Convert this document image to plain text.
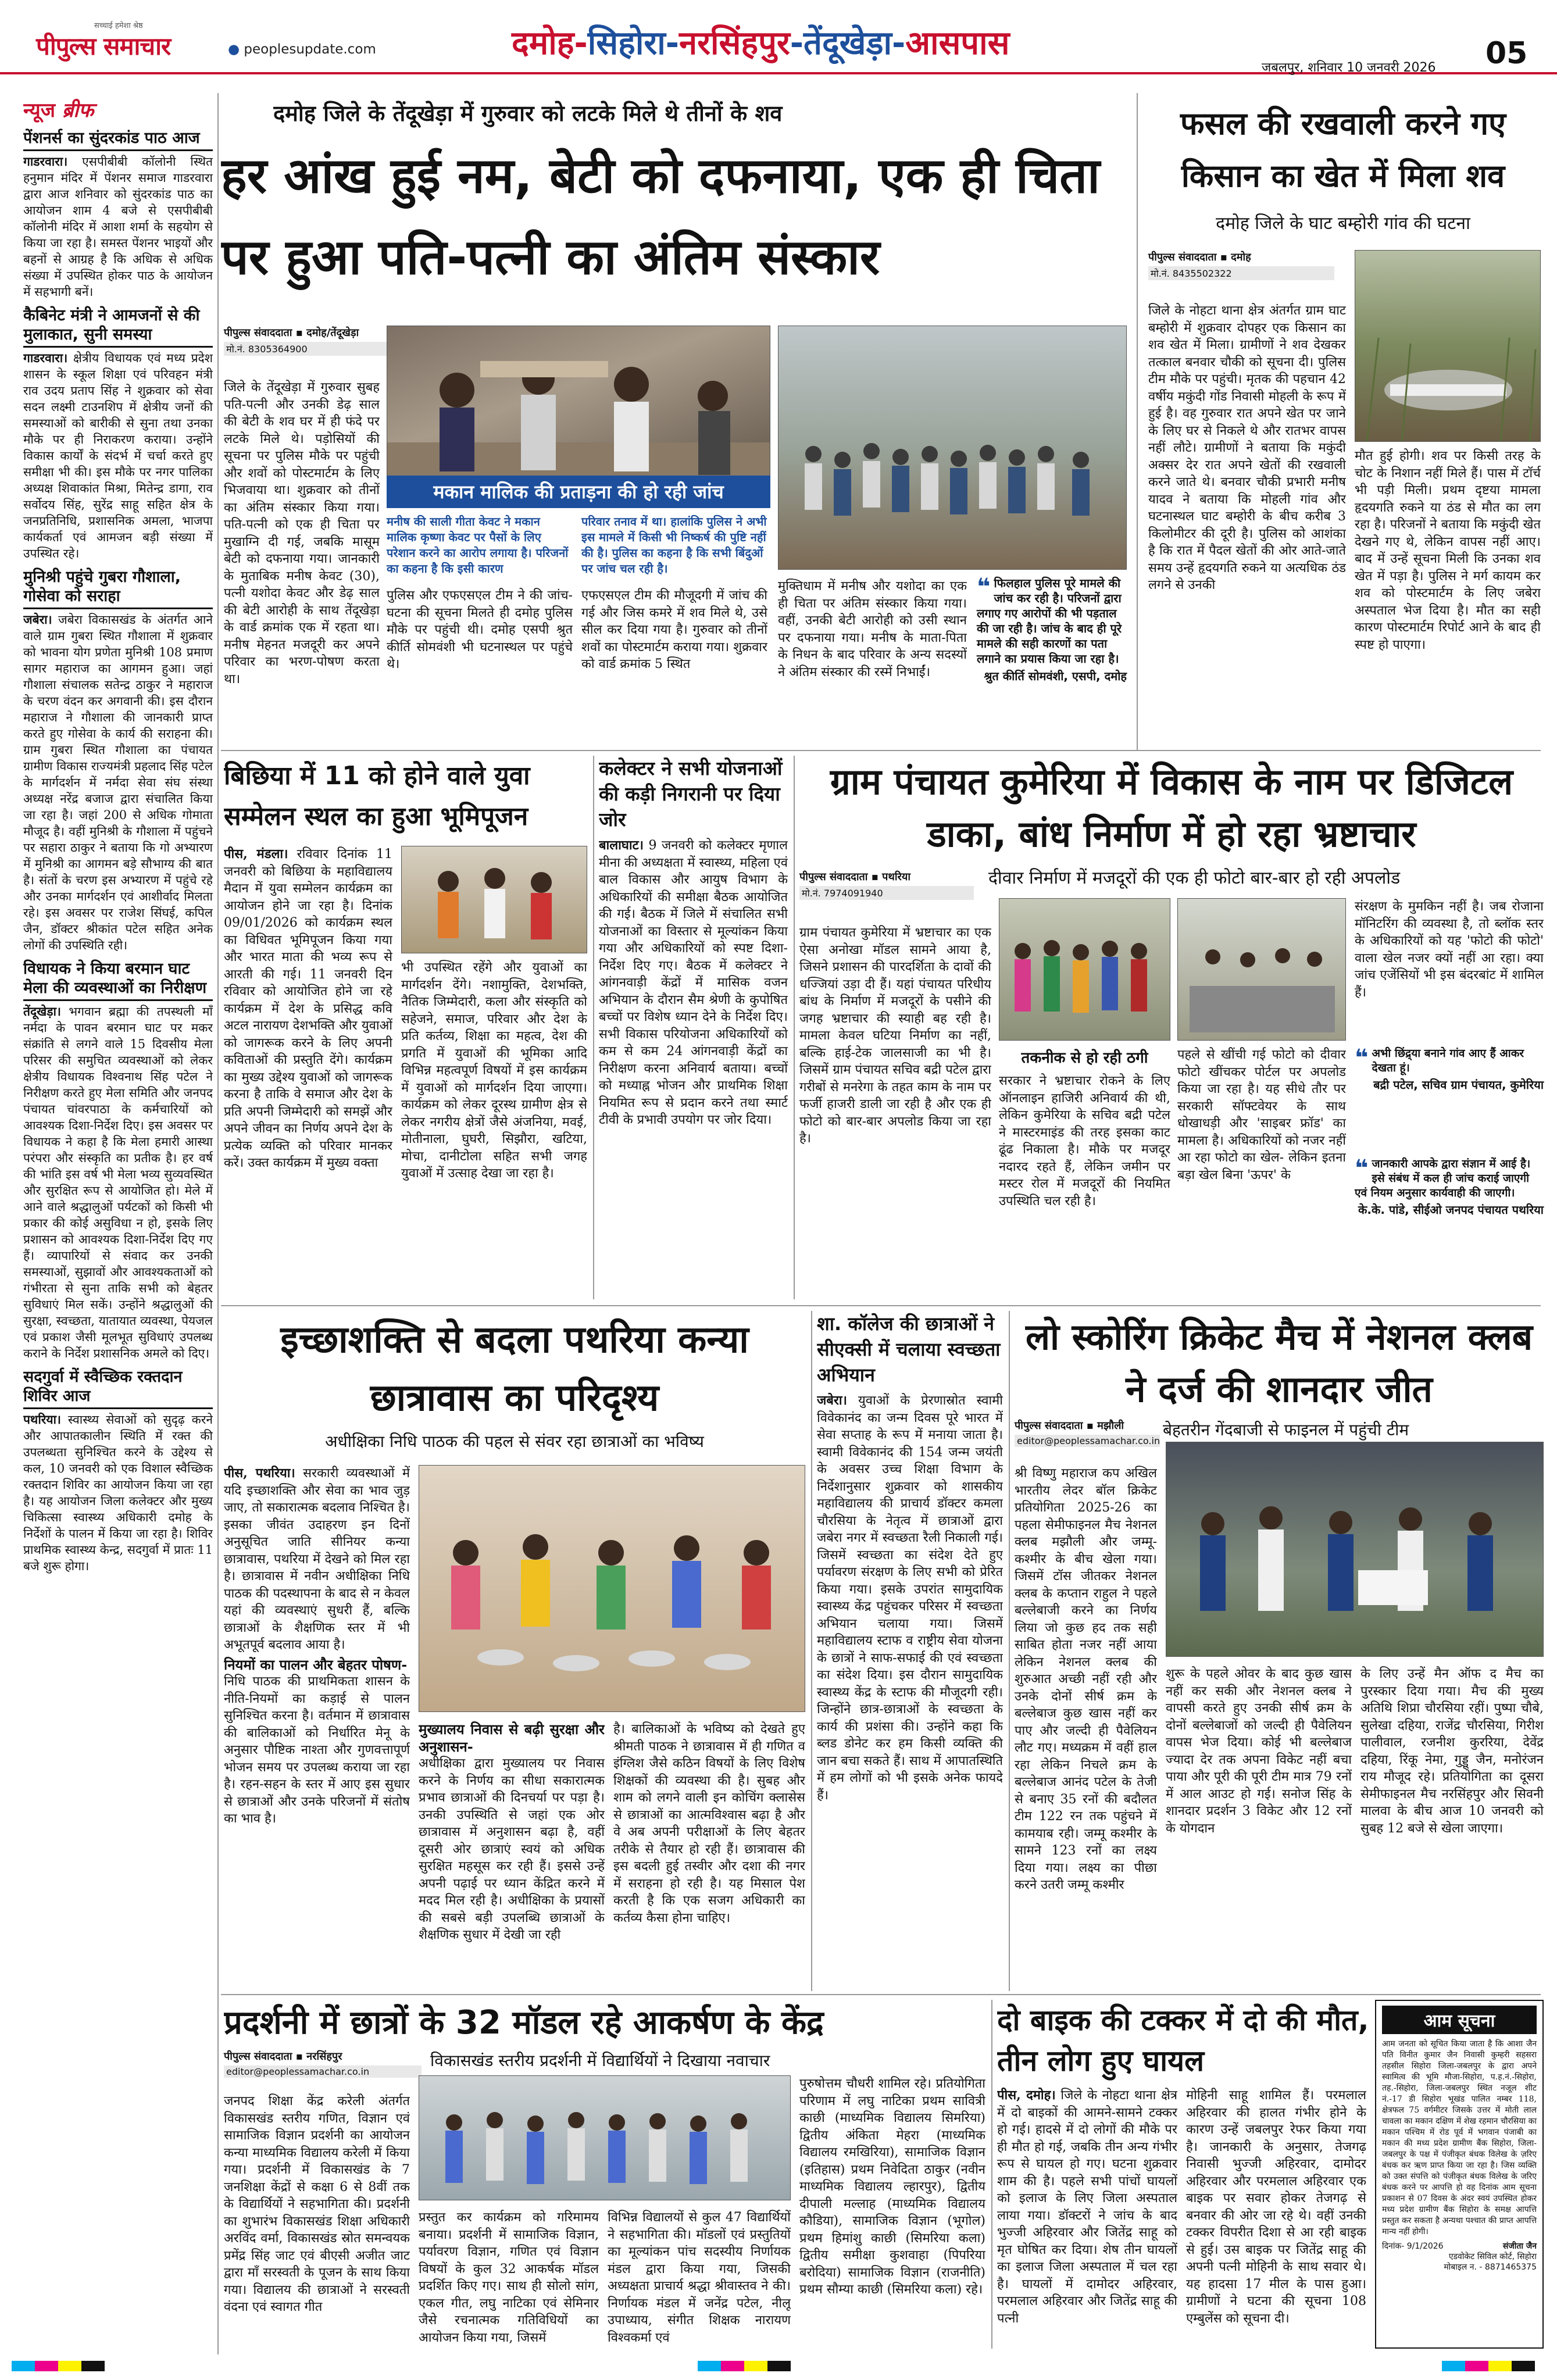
सच्चाई हमेशा श्रेष्ठ
पीपुल्स समाचार	● peoplesupdate.com	दमोह-सिहोरा-नरसिंहपुर-तेंदूखेड़ा-आसपास
जबलपुर, शनिवार 10 जनवरी 2026 05
न्यूज ब्रीफ
पेंशनर्स का सुंदरकांड पाठ आज
गाडरवारा। एसपीबीबी कॉलोनी स्थित हनुमान मंदिर में पेंशनर समाज गाडरवारा द्वारा आज शनिवार को सुंदरकांड पाठ का आयोजन शाम 4 बजे से एसपीबीबी कॉलोनी मंदिर में आशा शर्मा के सहयोग से किया जा रहा है। समस्त पेंशनर भाइयों और बहनों से आग्रह है कि अधिक से अधिक संख्या में उपस्थित होकर पाठ के आयोजन में सहभागी बनें।
कैबिनेट मंत्री ने आमजनों से की मुलाकात, सुनी समस्या
गाडरवारा। क्षेत्रीय विधायक एवं मध्य प्रदेश शासन के स्कूल शिक्षा एवं परिवहन मंत्री राव उदय प्रताप सिंह ने शुक्रवार को सेवा सदन लक्ष्मी टाउनशिप में क्षेत्रीय जनों की समस्याओं को बारीकी से सुना तथा उनका मौके पर ही निराकरण कराया। उन्होंने विकास कार्यों के संदर्भ में चर्चा करते हुए समीक्षा भी की। इस मौके पर नगर पालिका अध्यक्ष शिवाकांत मिश्रा, मितेन्द्र डागा, राव सर्वोदय सिंह, सुरेंद्र साहू सहित क्षेत्र के जनप्रतिनिधि, प्रशासनिक अमला, भाजपा कार्यकर्ता एवं आमजन बड़ी संख्या में उपस्थित रहे।
मुनिश्री पहुंचे गुबरा गौशाला, गोसेवा को सराहा
जबेरा। जबेरा विकासखंड के अंतर्गत आने वाले ग्राम गुबरा स्थित गौशाला में शुक्रवार को भावना योग प्रणेता मुनिश्री 108 प्रमाण सागर महाराज का आगमन हुआ। जहां गौशाला संचालक सतेन्द्र ठाकुर ने महाराज के चरण वंदन कर अगवानी की। इस दौरान महाराज ने गौशाला की जानकारी प्राप्त करते हुए गोसेवा के कार्य की सराहना की। ग्राम गुबरा स्थित गौशाला का पंचायत ग्रामीण विकास राज्यमंत्री प्रहलाद सिंह पटेल के मार्गदर्शन में नर्मदा सेवा संघ संस्था अध्यक्ष नरेंद्र बजाज द्वारा संचालित किया जा रहा है। जहां 200 से अधिक गोमाता मौजूद है। वहीं मुनिश्री के गौशाला में पहुंचने पर सहारा ठाकुर ने बताया कि गो अभ्यारण में मुनिश्री का आगमन बड़े सौभाग्य की बात है। संतों के चरण इस अभ्यारण में पहुंचे रहे और उनका मार्गदर्शन एवं आशीर्वाद मिलता रहे। इस अवसर पर राजेश सिंघई, कपिल जैन, डॉक्टर श्रीकांत पटेल सहित अनेक लोगों की उपस्थिति रही।
विधायक ने किया बरमान घाट मेला की व्यवस्थाओं का निरीक्षण
तेंदूखेड़ा। भगवान ब्रह्मा की तपस्थली माँ नर्मदा के पावन बरमान घाट पर मकर संक्रांति से लगने वाले 15 दिवसीय मेला परिसर की समुचित व्यवस्थाओं को लेकर क्षेत्रीय विधायक विश्वनाथ सिंह पटेल ने निरीक्षण करते हुए मेला समिति और जनपद पंचायत चांवरपाठा के कर्मचारियों को आवश्यक दिशा-निर्देश दिए। इस अवसर पर विधायक ने कहा है कि मेला हमारी आस्था परंपरा और संस्कृति का प्रतीक है। हर वर्ष की भांति इस वर्ष भी मेला भव्य सुव्यवस्थित और सुरक्षित रूप से आयोजित हो। मेले में आने वाले श्रद्धालुओं पर्यटकों को किसी भी प्रकार की कोई असुविधा न हो, इसके लिए प्रशासन को आवश्यक दिशा-निर्देश दिए गए हैं। व्यापारियों से संवाद कर उनकी समस्याओं, सुझावों और आवश्यकताओं को गंभीरता से सुना ताकि सभी को बेहतर सुविधाएं मिल सकें। उन्होंने श्रद्धालुओं की सुरक्षा, स्वच्छता, यातायात व्यवस्था, पेयजल एवं प्रकाश जैसी मूलभूत सुविधाएं उपलब्ध कराने के निर्देश प्रशासनिक अमले को दिए।
सदगुर्वा में स्वैच्छिक रक्तदान शिविर आज
पथरिया। स्वास्थ्य सेवाओं को सुदृढ़ करने और आपातकालीन स्थिति में रक्त की उपलब्धता सुनिश्चित करने के उद्देश्य से कल, 10 जनवरी को एक विशाल स्वैच्छिक रक्तदान शिविर का आयोजन किया जा रहा है। यह आयोजन जिला कलेक्टर और मुख्य चिकित्सा स्वास्थ्य अधिकारी दमोह के निर्देशों के पालन में किया जा रहा है। शिविर प्राथमिक स्वास्थ्य केन्द्र, सदगुर्वा में प्रातः 11 बजे शुरू होगा।
दमोह जिले के तेंदूखेड़ा में गुरुवार को लटके मिले थे तीनों के शव
हर आंख हुई नम, बेटी को दफनाया, एक ही चिता पर हुआ पति-पत्नी का अंतिम संस्कार
पीपुल्स संवाददाता ▪ दमोह/तेंदूखेड़ा
मो.नं. 8305364900
जिले के तेंदूखेड़ा में गुरुवार सुबह पति-पत्नी और उनकी डेढ़ साल की बेटी के शव घर में ही फंदे पर लटके मिले थे। पड़ोसियों की सूचना पर पुलिस मौके पर पहुंची और शवों को पोस्टमार्टम के लिए भिजवाया था। शुक्रवार को तीनों का अंतिम संस्कार किया गया। पति-पत्नी को एक ही चिता पर मुखाग्नि दी गई, जबकि मासूम बेटी को दफनाया गया। जानकारी के मुताबिक मनीष केवट (30), पत्नी यशोदा केवट और डेढ़ साल की बेटी आरोही के साथ तेंदूखेड़ा के वार्ड क्रमांक एक में रहता था। मनीष मेहनत मजदूरी कर अपने परिवार का भरण-पोषण करता था।
मकान मालिक की प्रताड़ना की हो रही जांच
मनीष की साली गीता केवट ने मकान मालिक कृष्णा केवट पर पैसों के लिए परेशान करने का आरोप लगाया है। परिजनों का कहना है कि इसी कारण
पुलिस और एफएसएल टीम ने की जांच- घटना की सूचना मिलते ही दमोह पुलिस मौके पर पहुंची थी। दमोह एसपी श्रुत कीर्ति सोमवंशी भी घटनास्थल पर पहुंचे थे।
परिवार तनाव में था। हालांकि पुलिस ने अभी इस मामले में किसी भी निष्कर्ष की पुष्टि नहीं की है। पुलिस का कहना है कि सभी बिंदुओं पर जांच चल रही है।
एफएसएल टीम की मौजूदगी में जांच की गई और जिस कमरे में शव मिले थे, उसे सील कर दिया गया है। गुरुवार को तीनों शवों का पोस्टमार्टम कराया गया। शुक्रवार को वार्ड क्रमांक 5 स्थित
मुक्तिधाम में मनीष और यशोदा का एक ही चिता पर अंतिम संस्कार किया गया। वहीं, उनकी बेटी आरोही को उसी स्थान पर दफनाया गया। मनीष के माता-पिता के निधन के बाद परिवार के अन्य सदस्यों ने अंतिम संस्कार की रस्में निभाईं।
❝ फिलहाल पुलिस पूरे मामले की जांच कर रही है। परिजनों द्वारा लगाए गए आरोपों की भी पड़ताल की जा रही है। जांच के बाद ही पूरे मामले की सही कारणों का पता लगाने का प्रयास किया जा रहा है।
श्रुत कीर्ति सोमवंशी, एसपी, दमोह
फसल की रखवाली करने गए किसान का खेत में मिला शव
दमोह जिले के घाट बम्होरी गांव की घटना
पीपुल्स संवाददाता ▪ दमोह
मो.नं. 8435502322
जिले के नोहटा थाना क्षेत्र अंतर्गत ग्राम घाट बम्होरी में शुक्रवार दोपहर एक किसान का शव खेत में मिला। ग्रामीणों ने शव देखकर तत्काल बनवार चौकी को सूचना दी। पुलिस टीम मौके पर पहुंची। मृतक की पहचान 42 वर्षीय मकुंदी गोंड निवासी मोहली के रूप में हुई है। वह गुरुवार रात अपने खेत पर जाने के लिए घर से निकले थे और रातभर वापस नहीं लौटे। ग्रामीणों ने बताया कि मकुंदी अक्सर देर रात अपने खेतों की रखवाली करने जाते थे। बनवार चौकी प्रभारी मनीष यादव ने बताया कि मोहली गांव और घटनास्थल घाट बम्होरी के बीच करीब 3 किलोमीटर की दूरी है। पुलिस को आशंका है कि रात में पैदल खेतों की ओर आते-जाते समय उन्हें हृदयगति रुकने या अत्यधिक ठंड लगने से उनकी
मौत हुई होगी। शव पर किसी तरह के चोट के निशान नहीं मिले हैं। पास में टॉर्च भी पड़ी मिली। प्रथम दृष्टया मामला हृदयगति रुकने या ठंड से मौत का लग रहा है। परिजनों ने बताया कि मकुंदी खेत देखने गए थे, लेकिन वापस नहीं आए। बाद में उन्हें सूचना मिली कि उनका शव खेत में पड़ा है। पुलिस ने मर्ग कायम कर शव को पोस्टमार्टम के लिए जबेरा अस्पताल भेज दिया है। मौत का सही कारण पोस्टमार्टम रिपोर्ट आने के बाद ही स्पष्ट हो पाएगा।
बिछिया में 11 को होने वाले युवा सम्मेलन स्थल का हुआ भूमिपूजन
पीस, मंडला। रविवार दिनांक 11 जनवरी को बिछिया के महाविद्यालय मैदान में युवा सम्मेलन कार्यक्रम का आयोजन होने जा रहा है। दिनांक 09/01/2026 को कार्यक्रम स्थल का विधिवत भूमिपूजन किया गया और भारत माता की भव्य रूप से आरती की गई। 11 जनवरी दिन रविवार को आयोजित होने जा रहे कार्यक्रम में देश के प्रसिद्ध कवि अटल नारायण देशभक्ति और युवाओं को जागरूक करने के लिए अपनी कविताओं की प्रस्तुति देंगे। कार्यक्रम का मुख्य उद्देश्य युवाओं को जागरूक करना है ताकि वे समाज और देश के प्रति अपनी जिम्मेदारी को समझें और अपने जीवन का निर्णय अपने देश के प्रत्येक व्यक्ति को परिवार मानकर करें। उक्त कार्यक्रम में मुख्य वक्ता
भी उपस्थित रहेंगे और युवाओं का मार्गदर्शन देंगे। नशामुक्ति, देशभक्ति, नैतिक जिम्मेदारी, कला और संस्कृति को सहेजने, समाज, परिवार और देश के प्रति कर्तव्य, शिक्षा का महत्व, देश की प्रगति में युवाओं की भूमिका आदि विभिन्न महत्वपूर्ण विषयों में इस कार्यक्रम में युवाओं को मार्गदर्शन दिया जाएगा। कार्यक्रम को लेकर दूरस्थ ग्रामीण क्षेत्र से लेकर नगरीय क्षेत्रों जैसे अंजनिया, मवई, मोतीनाला, घुघरी, सिझौरा, खटिया, मोचा, दानीटोला सहित सभी जगह युवाओं में उत्साह देखा जा रहा है।
कलेक्टर ने सभी योजनाओं की कड़ी निगरानी पर दिया जोर
बालाघाट। 9 जनवरी को कलेक्टर मृणाल मीना की अध्यक्षता में स्वास्थ्य, महिला एवं बाल विकास और आयुष विभाग के अधिकारियों की समीक्षा बैठक आयोजित की गई। बैठक में जिले में संचालित सभी योजनाओं का विस्तार से मूल्यांकन किया गया और अधिकारियों को स्पष्ट दिशा-निर्देश दिए गए। बैठक में कलेक्टर ने आंगनवाड़ी केंद्रों में मासिक वजन अभियान के दौरान सैम श्रेणी के कुपोषित बच्चों पर विशेष ध्यान देने के निर्देश दिए। सभी विकास परियोजना अधिकारियों को कम से कम 24 आंगनवाड़ी केंद्रों का निरीक्षण करना अनिवार्य बताया। बच्चों को मध्याह्न भोजन और प्राथमिक शिक्षा नियमित रूप से प्रदान करने तथा स्मार्ट टीवी के प्रभावी उपयोग पर जोर दिया।
ग्राम पंचायत कुमेरिया में विकास के नाम पर डिजिटल डाका, बांध निर्माण में हो रहा भ्रष्टाचार
दीवार निर्माण में मजदूरों की एक ही फोटो बार-बार हो रही अपलोड
पीपुल्स संवाददाता ▪ पथरिया
मो.नं. 7974091940
ग्राम पंचायत कुमेरिया में भ्रष्टाचार का एक ऐसा अनोखा मॉडल सामने आया है, जिसने प्रशासन की पारदर्शिता के दावों की धज्जियां उड़ा दी हैं। यहां पंचायत परिधीय बांध के निर्माण में मजदूरों के पसीने की जगह भ्रष्टाचार की स्याही बह रही है। मामला केवल घटिया निर्माण का नहीं, बल्कि हाई-टेक जालसाजी का भी है। जिसमें ग्राम पंचायत सचिव बद्री पटेल द्वारा गरीबों से मनरेगा के तहत काम के नाम पर फर्जी हाजरी डाली जा रही है और एक ही फोटो को बार-बार अपलोड किया जा रहा है।
तकनीक से हो रही ठगी
सरकार ने भ्रष्टाचार रोकने के लिए ऑनलाइन हाजिरी अनिवार्य की थी, लेकिन कुमेरिया के सचिव बद्री पटेल ने मास्टरमाइंड की तरह इसका काट ढूंढ निकाला है। मौके पर मजदूर नदारद रहते हैं, लेकिन जमीन पर मस्टर रोल में मजदूरों की नियमित उपस्थिति चल रही है।
पहले से खींची गई फोटो को दीवार फोटो खींचकर पोर्टल पर अपलोड किया जा रहा है। यह सीधे तौर पर सरकारी सॉफ्टवेयर के साथ धोखाधड़ी और 'साइबर फ्रॉड' का मामला है। अधिकारियों को नजर नहीं आ रहा फोटो का खेल- लेकिन इतना बड़ा खेल बिना 'ऊपर' के
संरक्षण के मुमकिन नहीं है। जब रोजाना मॉनिटरिंग की व्यवस्था है, तो ब्लॉक स्तर के अधिकारियों को यह 'फोटो की फोटो' वाला खेल नजर क्यों नहीं आ रहा। क्या जांच एजेंसियों भी इस बंदरबांट में शामिल हैं।
❝ अभी छिंद्र्या बनाने गांव आए हैं आकर देखता हूं।
बद्री पटेल, सचिव ग्राम पंचायत, कुमेरिया
❝ जानकारी आपके द्वारा संज्ञान में आई है। इसे संबंध में कल ही जांच कराई जाएगी एवं नियम अनुसार कार्यवाही की जाएगी।
के.के. पांडे, सीईओ जनपद पंचायत पथरिया
इच्छाशक्ति से बदला पथरिया कन्या छात्रावास का परिदृश्य
अधीक्षिका निधि पाठक की पहल से संवर रहा छात्राओं का भविष्य
पीस, पथरिया। सरकारी व्यवस्थाओं में यदि इच्छाशक्ति और सेवा का भाव जुड़ जाए, तो सकारात्मक बदलाव निश्चित है। इसका जीवंत उदाहरण इन दिनों अनुसूचित जाति सीनियर कन्या छात्रावास, पथरिया में देखने को मिल रहा है। छात्रावास में नवीन अधीक्षिका निधि पाठक की पदस्थापना के बाद से न केवल यहां की व्यवस्थाएं सुधरी हैं, बल्कि छात्राओं के शैक्षणिक स्तर में भी अभूतपूर्व बदलाव आया है।
नियमों का पालन और बेहतर पोषण-
निधि पाठक की प्राथमिकता शासन के नीति-नियमों का कड़ाई से पालन सुनिश्चित करना है। वर्तमान में छात्रावास की बालिकाओं को निर्धारित मेनू के अनुसार पौष्टिक नाश्ता और गुणवत्तापूर्ण भोजन समय पर उपलब्ध कराया जा रहा है। रहन-सहन के स्तर में आए इस सुधार से छात्राओं और उनके परिजनों में संतोष का भाव है।
मुख्यालय निवास से बढ़ी सुरक्षा और अनुशासन-
अधीक्षिका द्वारा मुख्यालय पर निवास करने के निर्णय का सीधा सकारात्मक प्रभाव छात्राओं की दिनचर्या पर पड़ा है। उनकी उपस्थिति से जहां एक ओर छात्रावास में अनुशासन बढ़ा है, वहीं दूसरी ओर छात्राएं स्वयं को अधिक सुरक्षित महसूस कर रही हैं। इससे उन्हें अपनी पढ़ाई पर ध्यान केंद्रित करने में मदद मिल रही है। अधीक्षिका के प्रयासों की सबसे बड़ी उपलब्धि छात्राओं के शैक्षणिक सुधार में देखी जा रही
है। बालिकाओं के भविष्य को देखते हुए श्रीमती पाठक ने छात्रावास में ही गणित व इंग्लिश जैसे कठिन विषयों के लिए विशेष शिक्षकों की व्यवस्था की है। सुबह और शाम को लगने वाली इन कोचिंग क्लासेस से छात्राओं का आत्मविश्वास बढ़ा है और वे अब अपनी परीक्षाओं के लिए बेहतर तरीके से तैयार हो रही हैं। छात्रावास की इस बदली हुई तस्वीर और दशा की नगर में सराहना हो रही है। यह मिसाल पेश करती है कि एक सजग अधिकारी का कर्तव्य कैसा होना चाहिए।
शा. कॉलेज की छात्राओं ने सीएक्सी में चलाया स्वच्छता अभियान
जबेरा। युवाओं के प्रेरणास्रोत स्वामी विवेकानंद का जन्म दिवस पूरे भारत में सेवा सप्ताह के रूप में मनाया जाता है। स्वामी विवेकानंद की 154 जन्म जयंती के अवसर उच्च शिक्षा विभाग के निर्देशानुसार शुक्रवार को शासकीय महाविद्यालय की प्राचार्य डॉक्टर कमला चौरसिया के नेतृत्व में छात्राओं द्वारा जबेरा नगर में स्वच्छता रैली निकाली गई। जिसमें स्वच्छता का संदेश देते हुए पर्यावरण संरक्षण के लिए सभी को प्रेरित किया गया। इसके उपरांत सामुदायिक स्वास्थ्य केंद्र पहुंचकर परिसर में स्वच्छता अभियान चलाया गया। जिसमें महाविद्यालय स्टाफ व राष्ट्रीय सेवा योजना के छात्रों ने साफ-सफाई की एवं स्वच्छता का संदेश दिया। इस दौरान सामुदायिक स्वास्थ्य केंद्र के स्टाफ की मौजूदगी रही। जिन्होंने छात्र-छात्राओं के स्वच्छता के कार्य की प्रशंसा की। उन्होंने कहा कि ब्लड डोनेट कर हम किसी व्यक्ति की जान बचा सकते हैं। साथ में आपातस्थिति में हम लोगों को भी इसके अनेक फायदे हैं।
लो स्कोरिंग क्रिकेट मैच में नेशनल क्लब ने दर्ज की शानदार जीत
बेहतरीन गेंदबाजी से फाइनल में पहुंची टीम
पीपुल्स संवाददाता ▪ मझौली
editor@peoplessamachar.co.in
श्री विष्णु महाराज कप अखिल भारतीय लेदर बॉल क्रिकेट प्रतियोगिता 2025-26 का पहला सेमीफाइनल मैच नेशनल क्लब मझौली और जम्मू-कश्मीर के बीच खेला गया। जिसमें टॉस जीतकर नेशनल क्लब के कप्तान राहुल ने पहले बल्लेबाजी करने का निर्णय लिया जो कुछ हद तक सही साबित होता नजर नहीं आया लेकिन नेशनल क्लब की शुरुआत अच्छी नहीं रही और उनके दोनों सीर्ष क्रम के बल्लेबाज कुछ खास नहीं कर पाए और जल्दी ही पैवेलियन लौट गए। मध्यक्रम में वहीं हाल रहा लेकिन निचले क्रम के बल्लेबाज आनंद पटेल के तेजी से बनाए 35 रनों की बदौलत टीम 122 रन तक पहुंचने में कामयाब रही। जम्मू कश्मीर के सामने 123 रनों का लक्ष्य दिया गया। लक्ष्य का पीछा करने उतरी जम्मू कश्मीर
शुरू के पहले ओवर के बाद कुछ खास नहीं कर सकी और नेशनल क्लब ने वापसी करते हुए उनकी सीर्ष क्रम के दोनों बल्लेबाजों को जल्दी ही पैवेलियन वापस भेज दिया। कोई भी बल्लेबाज ज्यादा देर तक अपना विकेट नहीं बचा पाया और पूरी की पूरी टीम मात्र 79 रनों में आल आउट हो गई। सनोज सिंह के शानदार प्रदर्शन 3 विकेट और 12 रनों के योगदान
के लिए उन्हें मैन ऑफ द मैच का पुरस्कार दिया गया। मैच की मुख्य अतिथि शिप्रा चौरसिया रहीं। पुष्पा चौबे, सुलेखा दहिया, राजेंद्र चौरसिया, गिरीश पालीवाल, रजनीश कुररिया, देवेंद्र दहिया, रिंकू नेमा, गुड्डू जैन, मनोरंजन राय मौजूद रहे। प्रतियोगिता का दूसरा सेमीफाइनल मैच नरसिंहपुर और सिवनी मालवा के बीच आज 10 जनवरी को सुबह 12 बजे से खेला जाएगा।
प्रदर्शनी में छात्रों के 32 मॉडल रहे आकर्षण के केंद्र
विकासखंड स्तरीय प्रदर्शनी में विद्यार्थियों ने दिखाया नवाचार
पीपुल्स संवाददाता ▪ नरसिंहपुर
editor@peoplessamachar.co.in
जनपद शिक्षा केंद्र करेली अंतर्गत विकासखंड स्तरीय गणित, विज्ञान एवं सामाजिक विज्ञान प्रदर्शनी का आयोजन कन्या माध्यमिक विद्यालय करेली में किया गया। प्रदर्शनी में विकासखंड के 7 जनशिक्षा केंद्रों से कक्षा 6 से 8वीं तक के विद्यार्थियों ने सहभागिता की। प्रदर्शनी का शुभारंभ विकासखंड शिक्षा अधिकारी अरविंद वर्मा, विकासखंड स्रोत समन्वयक प्रमेंद्र सिंह जाट एवं बीएसी अजीत जाट द्वारा माँ सरस्वती के पूजन के साथ किया गया। विद्यालय की छात्राओं ने सरस्वती वंदना एवं स्वागत गीत
प्रस्तुत कर कार्यक्रम को गरिमामय बनाया। प्रदर्शनी में सामाजिक विज्ञान, पर्यावरण विज्ञान, गणित एवं विज्ञान विषयों के कुल 32 आकर्षक मॉडल प्रदर्शित किए गए। साथ ही सोलो सांग, एकल गीत, लघु नाटिका एवं सेमिनार जैसे रचनात्मक गतिविधियों का आयोजन किया गया, जिसमें
विभिन्न विद्यालयों से कुल 47 विद्यार्थियों ने सहभागिता की। मॉडलों एवं प्रस्तुतियों का मूल्यांकन पांच सदस्यीय निर्णायक मंडल द्वारा किया गया, जिसकी अध्यक्षता प्राचार्य श्रद्धा श्रीवास्तव ने की। निर्णायक मंडल में जनेंद्र पटेल, नीलू उपाध्याय, संगीत शिक्षक नारायण विश्वकर्मा एवं
पुरुषोत्तम चौधरी शामिल रहे। प्रतियोगिता परिणाम में लघु नाटिका प्रथम सावित्री काछी (माध्यमिक विद्यालय सिमरिया) द्वितीय अंकिता मेहरा (माध्यमिक विद्यालय रमखिरिया), सामाजिक विज्ञान (इतिहास) प्रथम निवेदिता ठाकुर (नवीन माध्यमिक विद्यालय ल्हारपुर), द्वितीय दीपाली मल्लाह (माध्यमिक विद्यालय कौडिया), सामाजिक विज्ञान (भूगोल) प्रथम हिमांशु काछी (सिमरिया कला) द्वितीय समीक्षा कुशवाहा (पिपरिया बरोदिया) सामाजिक विज्ञान (राजनीति) प्रथम सौम्या काछी (सिमरिया कला) रहे।
दो बाइक की टक्कर में दो की मौत, तीन लोग हुए घायल
पीस, दमोह। जिले के नोहटा थाना क्षेत्र में दो बाइकों की आमने-सामने टक्कर हो गई। हादसे में दो लोगों की मौके पर ही मौत हो गई, जबकि तीन अन्य गंभीर रूप से घायल हो गए। घटना शुक्रवार शाम की है। पहले सभी पांचों घायलों को इलाज के लिए जिला अस्पताल लाया गया। डॉक्टरों ने जांच के बाद भुज्जी अहिरवार और जितेंद्र साहू को मृत घोषित कर दिया। शेष तीन घायलों का इलाज जिला अस्पताल में चल रहा है। घायलों में दामोदर अहिरवार, परमलाल अहिरवार और जितेंद्र साहू की पत्नी
मोहिनी साहू शामिल हैं। परमलाल अहिरवार की हालत गंभीर होने के कारण उन्हें जबलपुर रेफर किया गया है। जानकारी के अनुसार, तेजगढ़ निवासी भुज्जी अहिरवार, दामोदर अहिरवार और परमलाल अहिरवार एक बाइक पर सवार होकर तेजगढ़ से बनवार की ओर जा रहे थे। वहीं उनकी टक्कर विपरीत दिशा से आ रही बाइक से हुई। उस बाइक पर जितेंद्र साहू की अपनी पत्नी मोहिनी के साथ सवार थे। यह हादसा 17 मील के पास हुआ। ग्रामीणों ने घटना की सूचना 108 एम्बुलेंस को सूचना दी।
आम सूचना
आम जनता को सूचित किया जाता है कि आशा जैन पति विनीत कुमार जैन निवासी कुम्हरी सहसरा तहसील सिहोरा जिला-जबलपुर के द्वारा अपने स्वामित्व की भूमि मौजा-सिहोरा, प.ह.नं.-सिहोरा, तह.-सिहोरा, जिला-जबलपुर स्थित नजूल शीट नं.-17 डी सिहोरा भूखंड पालित नम्बर 118, क्षेत्रफल 75 वर्गमीटर जिसके उत्तर में मोती लाल चावला का मकान दक्षिण में शेख रहमान चौरसिया का मकान पश्चिम में रोड पूर्व में भगवान पंजाबी का मकान की मध्य प्रदेश ग्रामीण बैंक सिहोरा, जिला-जबलपुर के पक्ष में पंजीकृत बंधक विलेख के ज़रिए बंधक कर ऋण प्राप्त किया जा रहा है। जिस व्यक्ति को उक्त संपत्ति को पंजीकृत बंधक विलेख के जरिए बंधक करने पर आपत्ति हो वह दिनांक आम सूचना प्रकाशन से 07 दिवस के अंदर स्वयं उपस्थित होकर मध्य प्रदेश ग्रामीण बैंक सिहोरा के समक्ष आपत्ति प्रस्तुत कर सकता है अन्यथा पश्चात की प्राप्त आपत्ति मान्य नहीं होगी।
दिनांक- 9/1/2026	संजीता जैन
एडवोकेट सिविल कोर्ट, सिहोरा
मोबाइल न. - 8871465375
